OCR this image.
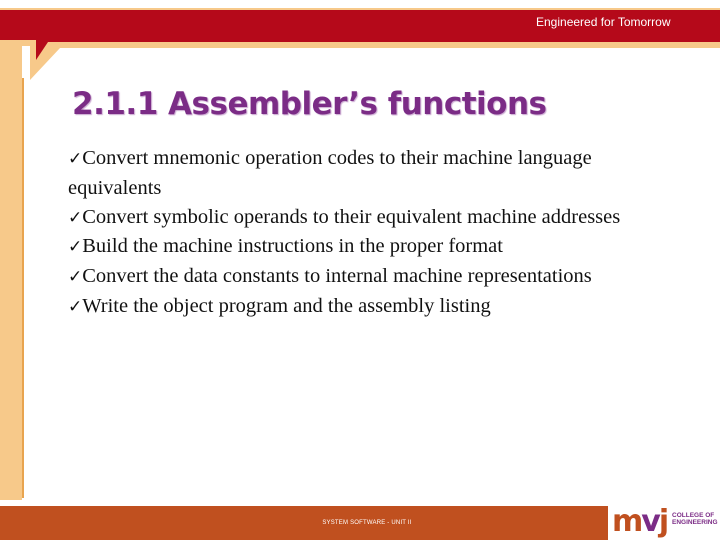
Engineered for Tomorrow
2.1.1 Assembler’s functions

✓Convert mnemonic operation codes to their machine language equivalents

✓Convert symbolic operands to their equivalent machine addresses

✓Build the machine instructions in the proper format

✓Convert the data constants to internal machine representations

✓Write the object program and the assembly listing

SYSTEM SOFTWARE - UNIT II	mvj COLLEGE OF
ENGINEERING
